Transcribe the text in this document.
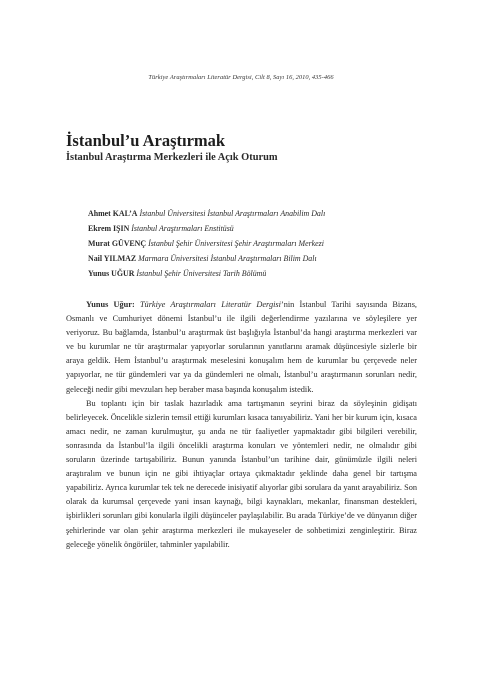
Türkiye Araştırmaları Literatür Dergisi, Cilt 8, Sayı 16, 2010, 435-466
İstanbul’u Araştırmak
İstanbul Araştırma Merkezleri ile Açık Oturum
Ahmet KAL’A İstanbul Üniversitesi İstanbul Araştırmaları Anabilim Dalı
Ekrem IŞIN İstanbul Araştırmaları Enstitüsü
Murat GÜVENÇ İstanbul Şehir Üniversitesi Şehir Araştırmaları Merkezi
Nail YILMAZ Marmara Üniversitesi İstanbul Araştırmaları Bilim Dalı
Yunus UĞUR İstanbul Şehir Üniversitesi Tarih Bölümü

Yunus Uğur: Türkiye Araştırmaları Literatür Dergisi’nin İstanbul Tarihi sayısında Bizans, Osmanlı ve Cumhuriyet dönemi İstanbul’u ile ilgili değerlendirme yazılarına ve söyleşilere yer veriyoruz. Bu bağlamda, İstanbul’u araştırmak üst başlığıyla İstanbul’da hangi araştırma merkezleri var ve bu kurumlar ne tür araştırmalar yapıyorlar sorularının yanıtlarını aramak düşüncesiyle sizlerle bir araya geldik. Hem İstanbul’u araştırmak meselesini konuşalım hem de kurumlar bu çerçevede neler yapıyorlar, ne tür gündemleri var ya da gündemleri ne olmalı, İstanbul’u araştırmanın sorunları nedir, geleceği nedir gibi mevzuları hep beraber masa başında konuşalım istedik.

Bu toplantı için bir taslak hazırladık ama tartışmanın seyrini biraz da söyleşinin gidişatı belirleyecek. Öncelikle sizlerin temsil ettiği kurumları kısaca tanıyabiliriz. Yani her bir kurum için, kısaca amacı nedir, ne zaman kurulmuştur, şu anda ne tür faaliyetler yapmaktadır gibi bilgileri verebilir, sonrasında da İstanbul’la ilgili öncelikli araştırma konuları ve yöntemleri nedir, ne olmalıdır gibi soruların üzerinde tartışabiliriz. Bunun yanında İstanbul’un tarihine dair, günümüzle ilgili neleri araştıralım ve bunun için ne gibi ihtiyaçlar ortaya çıkmaktadır şeklinde daha genel bir tartışma yapabiliriz. Ayrıca kurumlar tek tek ne derecede inisiyatif alıyorlar gibi sorulara da yanıt arayabiliriz. Son olarak da kurumsal çerçevede yani insan kaynağı, bilgi kaynakları, mekanlar, finansman destekleri, işbirlikleri sorunları gibi konularla ilgili düşünceler paylaşılabilir. Bu arada Türkiye’de ve dünyanın diğer şehirlerinde var olan şehir araştırma merkezleri ile mukayeseler de sohbetimizi zenginleştirir. Biraz geleceğe yönelik öngörüler, tahminler yapılabilir.
